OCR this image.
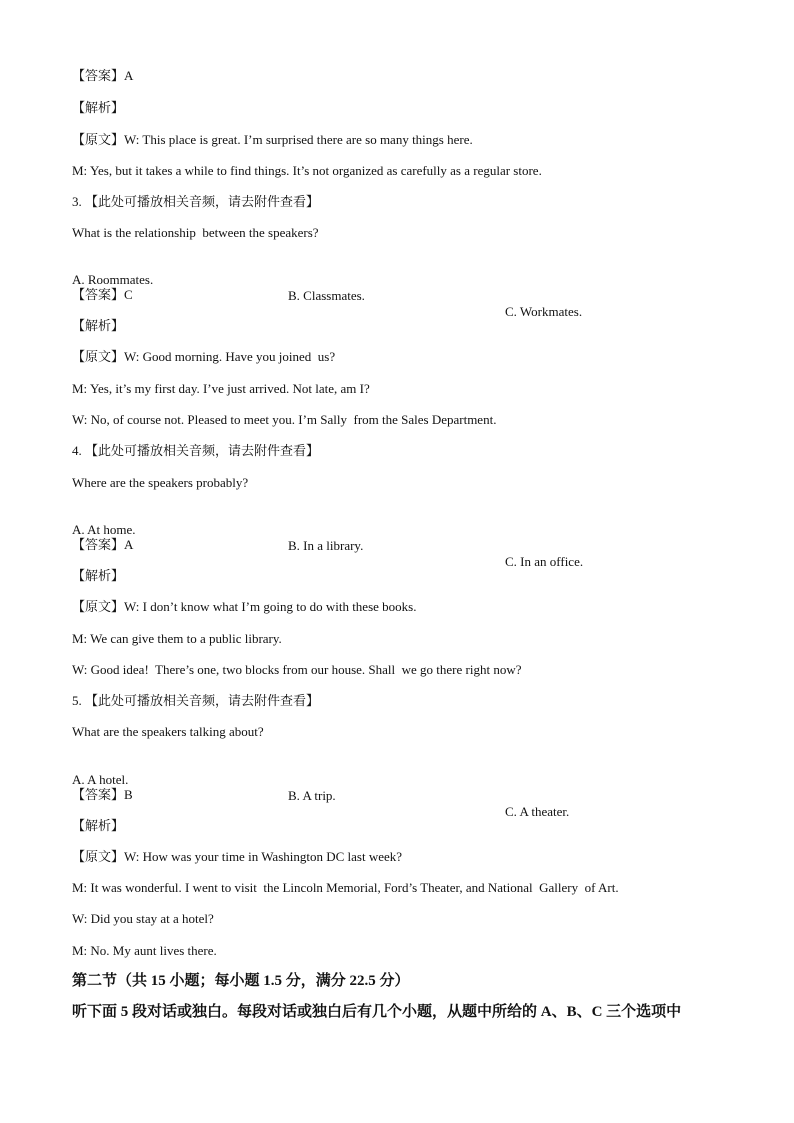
【答案】A
【解析】
【原文】W: This place is great. I’m surprised there are so many things here.
M: Yes, but it takes a while to find things. It’s not organized as carefully as a regular store.
3. 【此处可播放相关音频，请去附件查看】
What is the relationship  between the speakers?

A. Roommates.

B. Classmates.

C. Workmates.

【答案】C
【解析】
【原文】W: Good morning. Have you joined  us?
M: Yes, it’s my first day. I’ve just arrived. Not late, am I?
W: No, of course not. Pleased to meet you. I’m Sally  from the Sales Department.
4. 【此处可播放相关音频，请去附件查看】
Where are the speakers probably?

A. At home.

B. In a library.

C. In an office.

【答案】A
【解析】
【原文】W: I don’t know what I’m going to do with these books.
M: We can give them to a public library.
W: Good idea!  There’s one, two blocks from our house. Shall  we go there right now?
5. 【此处可播放相关音频，请去附件查看】
What are the speakers talking about?

A. A hotel.

B. A trip.

C. A theater.

【答案】B
【解析】
【原文】W: How was your time in Washington DC last week?
M: It was wonderful. I went to visit  the Lincoln Memorial, Ford’s Theater, and National  Gallery  of Art.
W: Did you stay at a hotel?
M: No. My aunt lives there.
第二节（共 15 小题；每小题 1.5 分，满分 22.5 分）
听下面 5 段对话或独白。每段对话或独白后有几个小题，从题中所给的 A、B、C 三个选项中
